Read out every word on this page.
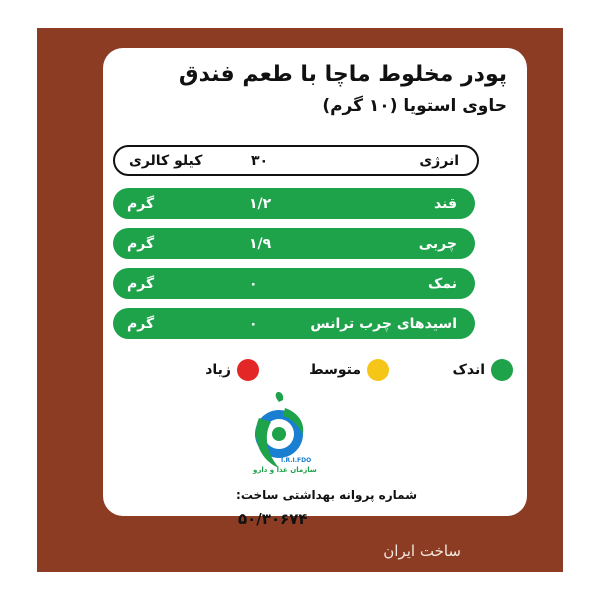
پودر مخلوط ماچا با طعم فندق
حاوی استویا (۱۰ گرم)
انرژی
۳۰
کیلو کالری
قند
۱/۲
گرم
چربی
۱/۹
گرم
نمک
۰
گرم
اسیدهای چرب ترانس
۰
گرم
اندک
متوسط
زیاد
سازمان غذا و دارو
I.R.I.FDO
شماره پروانه بهداشتی ساخت:
۵۰/۳۰۶۷۴
ساخت ایران
